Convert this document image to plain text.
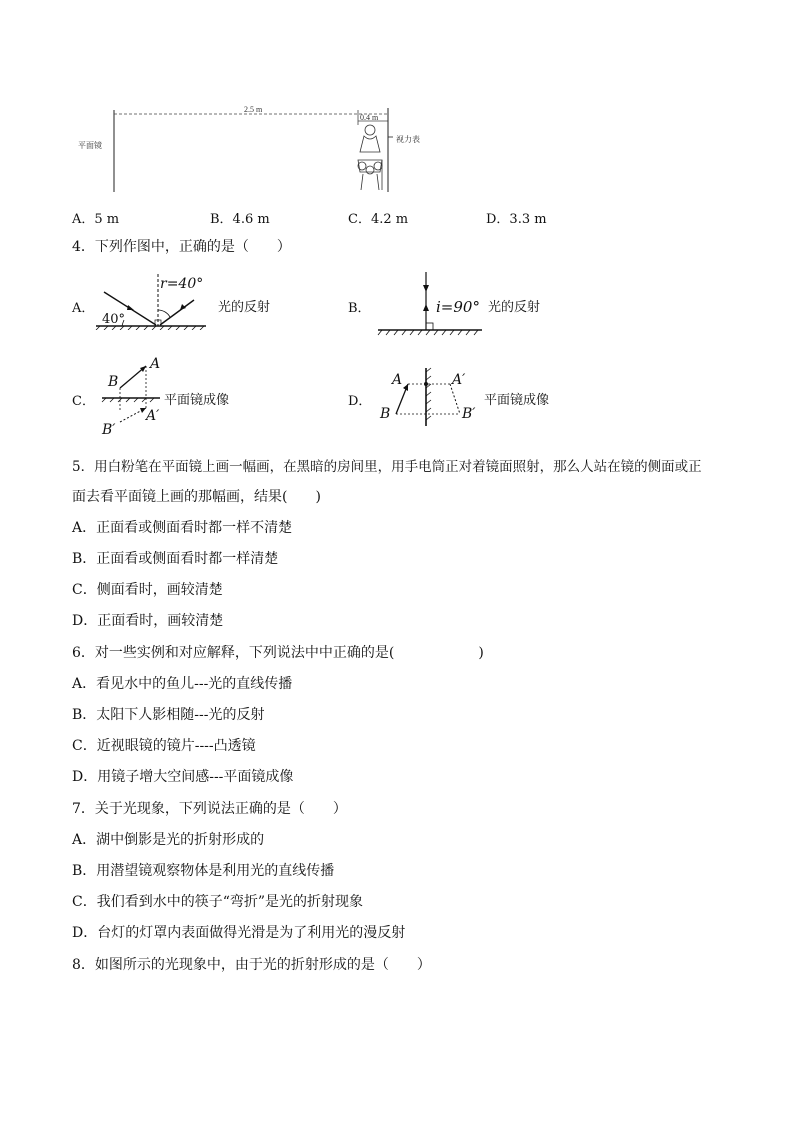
2.5 m
0.4 m
平面镜
视力表
A．5 m	B．4.6 m	C．4.2 m	D．3.3 m
4．下列作图中，正确的是（　　）
A．
r=40°
40°
光的反射	B．	i=90° 光的反射
C．
A
B
A′
B′
平面镜成像	D．
A
B
A′
B′
平面镜成像
5．用白粉笔在平面镜上画一幅画，在黑暗的房间里，用手电筒正对着镜面照射，那么人站在镜的侧面或正
面去看平面镜上画的那幅画，结果(　　)
A．正面看或侧面看时都一样不清楚
B．正面看或侧面看时都一样清楚
C．侧面看时，画较清楚
D．正面看时，画较清楚
6．对一些实例和对应解释，下列说法中中正确的是(　　　　　　)
A．看见水中的鱼儿---光的直线传播
B．太阳下人影相随---光的反射
C．近视眼镜的镜片----凸透镜
D．用镜子增大空间感---平面镜成像
7．关于光现象，下列说法正确的是（　　）
A．湖中倒影是光的折射形成的
B．用潜望镜观察物体是利用光的直线传播
C．我们看到水中的筷子“弯折”是光的折射现象
D．台灯的灯罩内表面做得光滑是为了利用光的漫反射
8．如图所示的光现象中，由于光的折射形成的是（　　）
